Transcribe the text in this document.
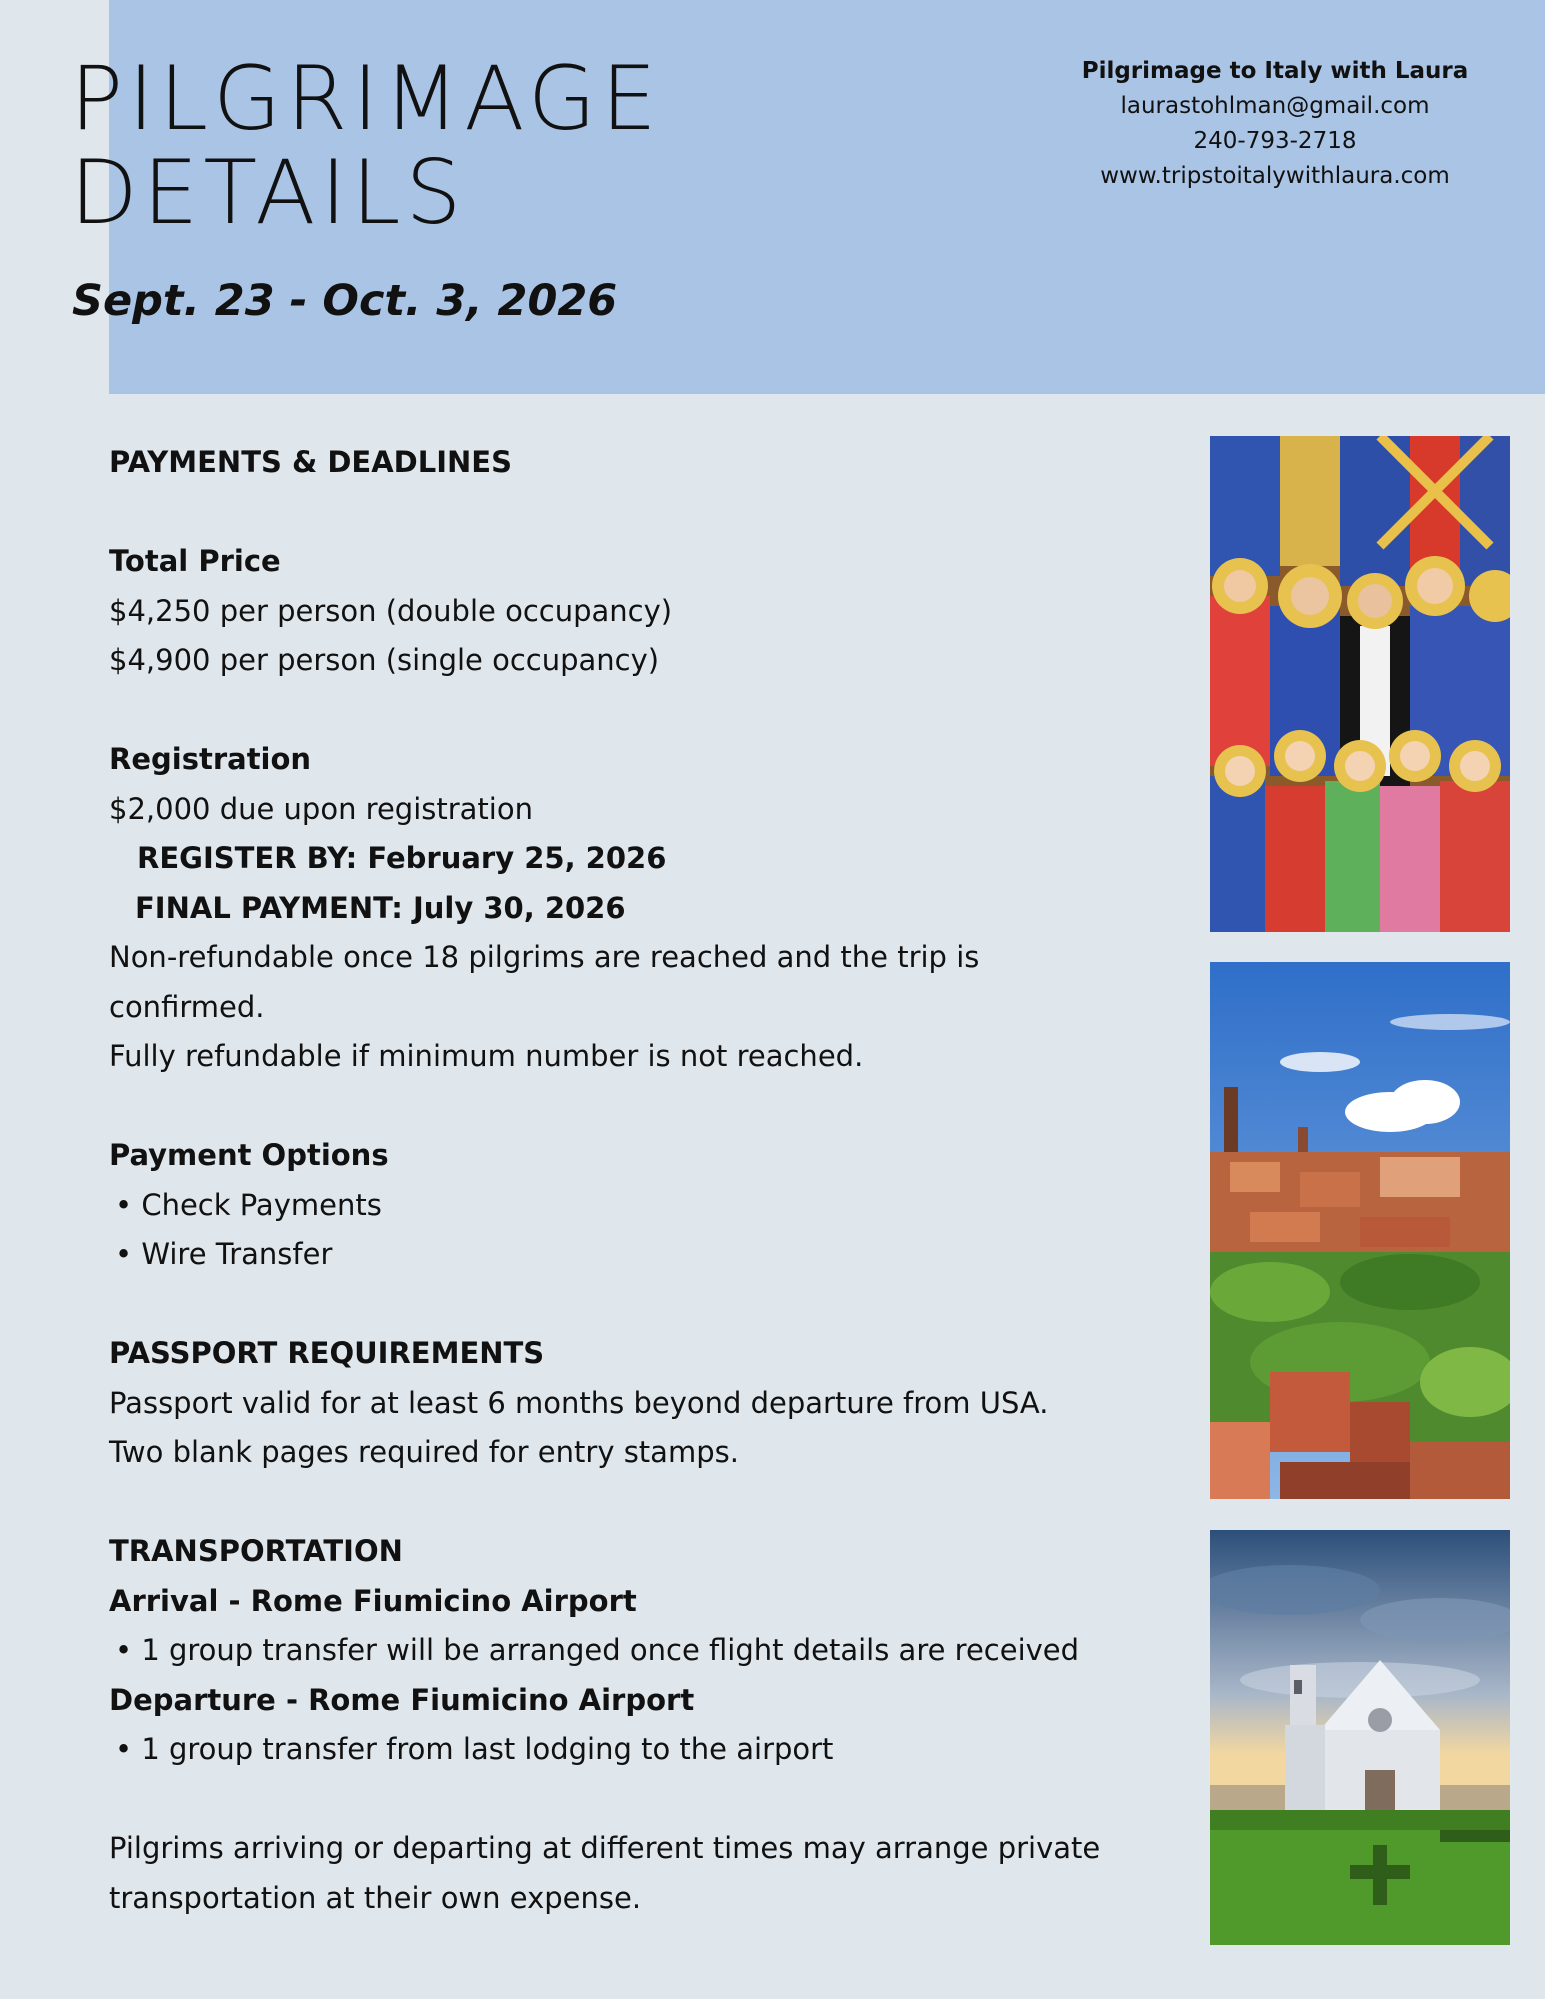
PILGRIMAGE
DETAILS
Sept. 23 - Oct. 3, 2026
Pilgrimage to Italy with Laura
laurastohlman@gmail.com
240-793-2718
www.tripstoitalywithlaura.com

PAYMENTS & DEADLINES

Total Price

$4,250 per person (double occupancy)

$4,900 per person (single occupancy)

Registration

$2,000 due upon registration

REGISTER BY: February 25, 2026

FINAL PAYMENT: July 30, 2026

Non-refundable once 18 pilgrims are reached and the trip is

confirmed.

Fully refundable if minimum number is not reached.

Payment Options

• Check Payments

• Wire Transfer

PASSPORT REQUIREMENTS

Passport valid for at least 6 months beyond departure from USA.

Two blank pages required for entry stamps.

TRANSPORTATION

Arrival - Rome Fiumicino Airport

• 1 group transfer will be arranged once flight details are received

Departure - Rome Fiumicino Airport

• 1 group transfer from last lodging to the airport

Pilgrims arriving or departing at different times may arrange private

transportation at their own expense.
